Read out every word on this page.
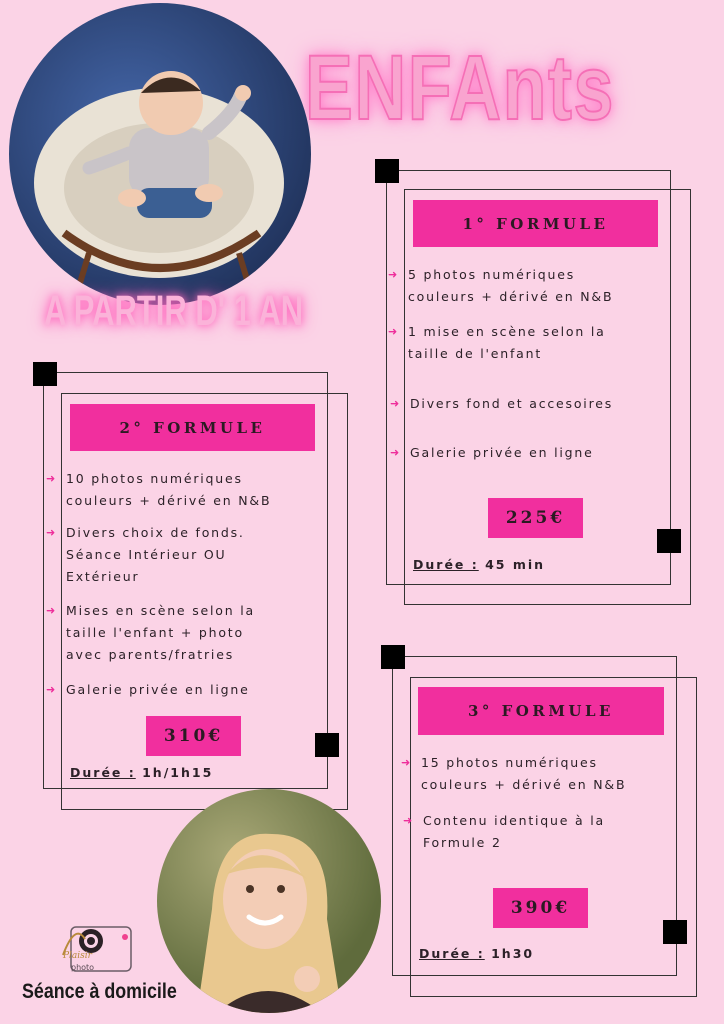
ENFAnts
A PARTIR D' 1 AN
1° FORMULE
➜ 5 photos numériques
couleurs + dérivé en N&B
➜ 1 mise en scène selon la
taille de l'enfant
➜ Divers fond et accesoires
➜ Galerie privée en ligne
225€
Durée : 45 min
2° FORMULE
➜ 10 photos numériques
couleurs + dérivé en N&B
➜ Divers choix de fonds.
Séance Intérieur OU
Extérieur
➜ Mises en scène selon la
taille l'enfant + photo
avec parents/fratries
➜ Galerie privée en ligne
310€
Durée : 1h/1h15
3° FORMULE
➜ 15 photos numériques
couleurs + dérivé en N&B
➜ Contenu identique à la
Formule 2
390€
Durée : 1h30
Plaisir
photo
Séance à domicile
